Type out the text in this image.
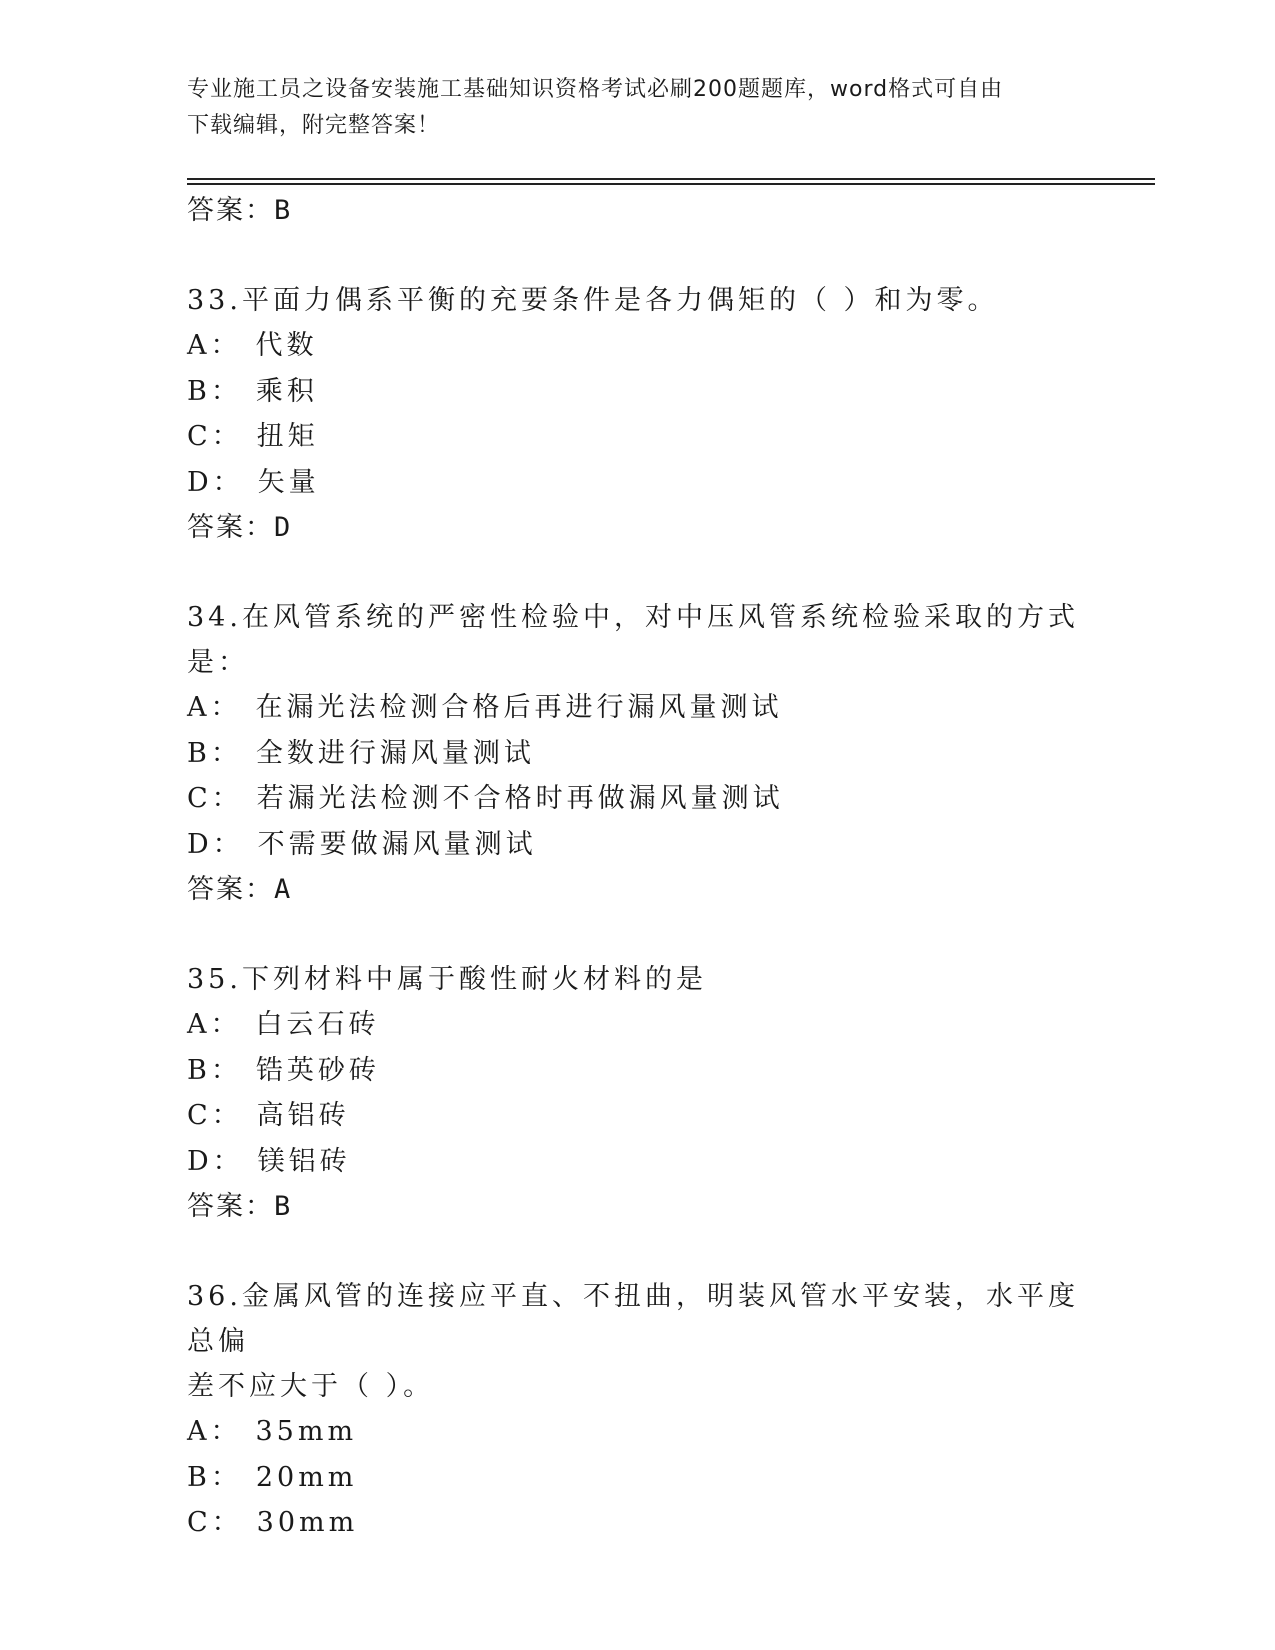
专业施工员之设备安装施工基础知识资格考试必刷200题题库，word格式可自由
下载编辑，附完整答案！

答案：B

33.平面力偶系平衡的充要条件是各力偶矩的（ ）和为零。

A： 代数

B： 乘积

C： 扭矩

D： 矢量

答案：D

34.在风管系统的严密性检验中，对中压风管系统检验采取的方式是：

A： 在漏光法检测合格后再进行漏风量测试

B： 全数进行漏风量测试

C： 若漏光法检测不合格时再做漏风量测试

D： 不需要做漏风量测试

答案：A

35.下列材料中属于酸性耐火材料的是

A： 白云石砖

B： 锆英砂砖

C： 高铝砖

D： 镁铝砖

答案：B

36.金属风管的连接应平直、不扭曲，明装风管水平安装，水平度总偏

差不应大于（ ）。

A： 35mm

B： 20mm

C： 30mm
